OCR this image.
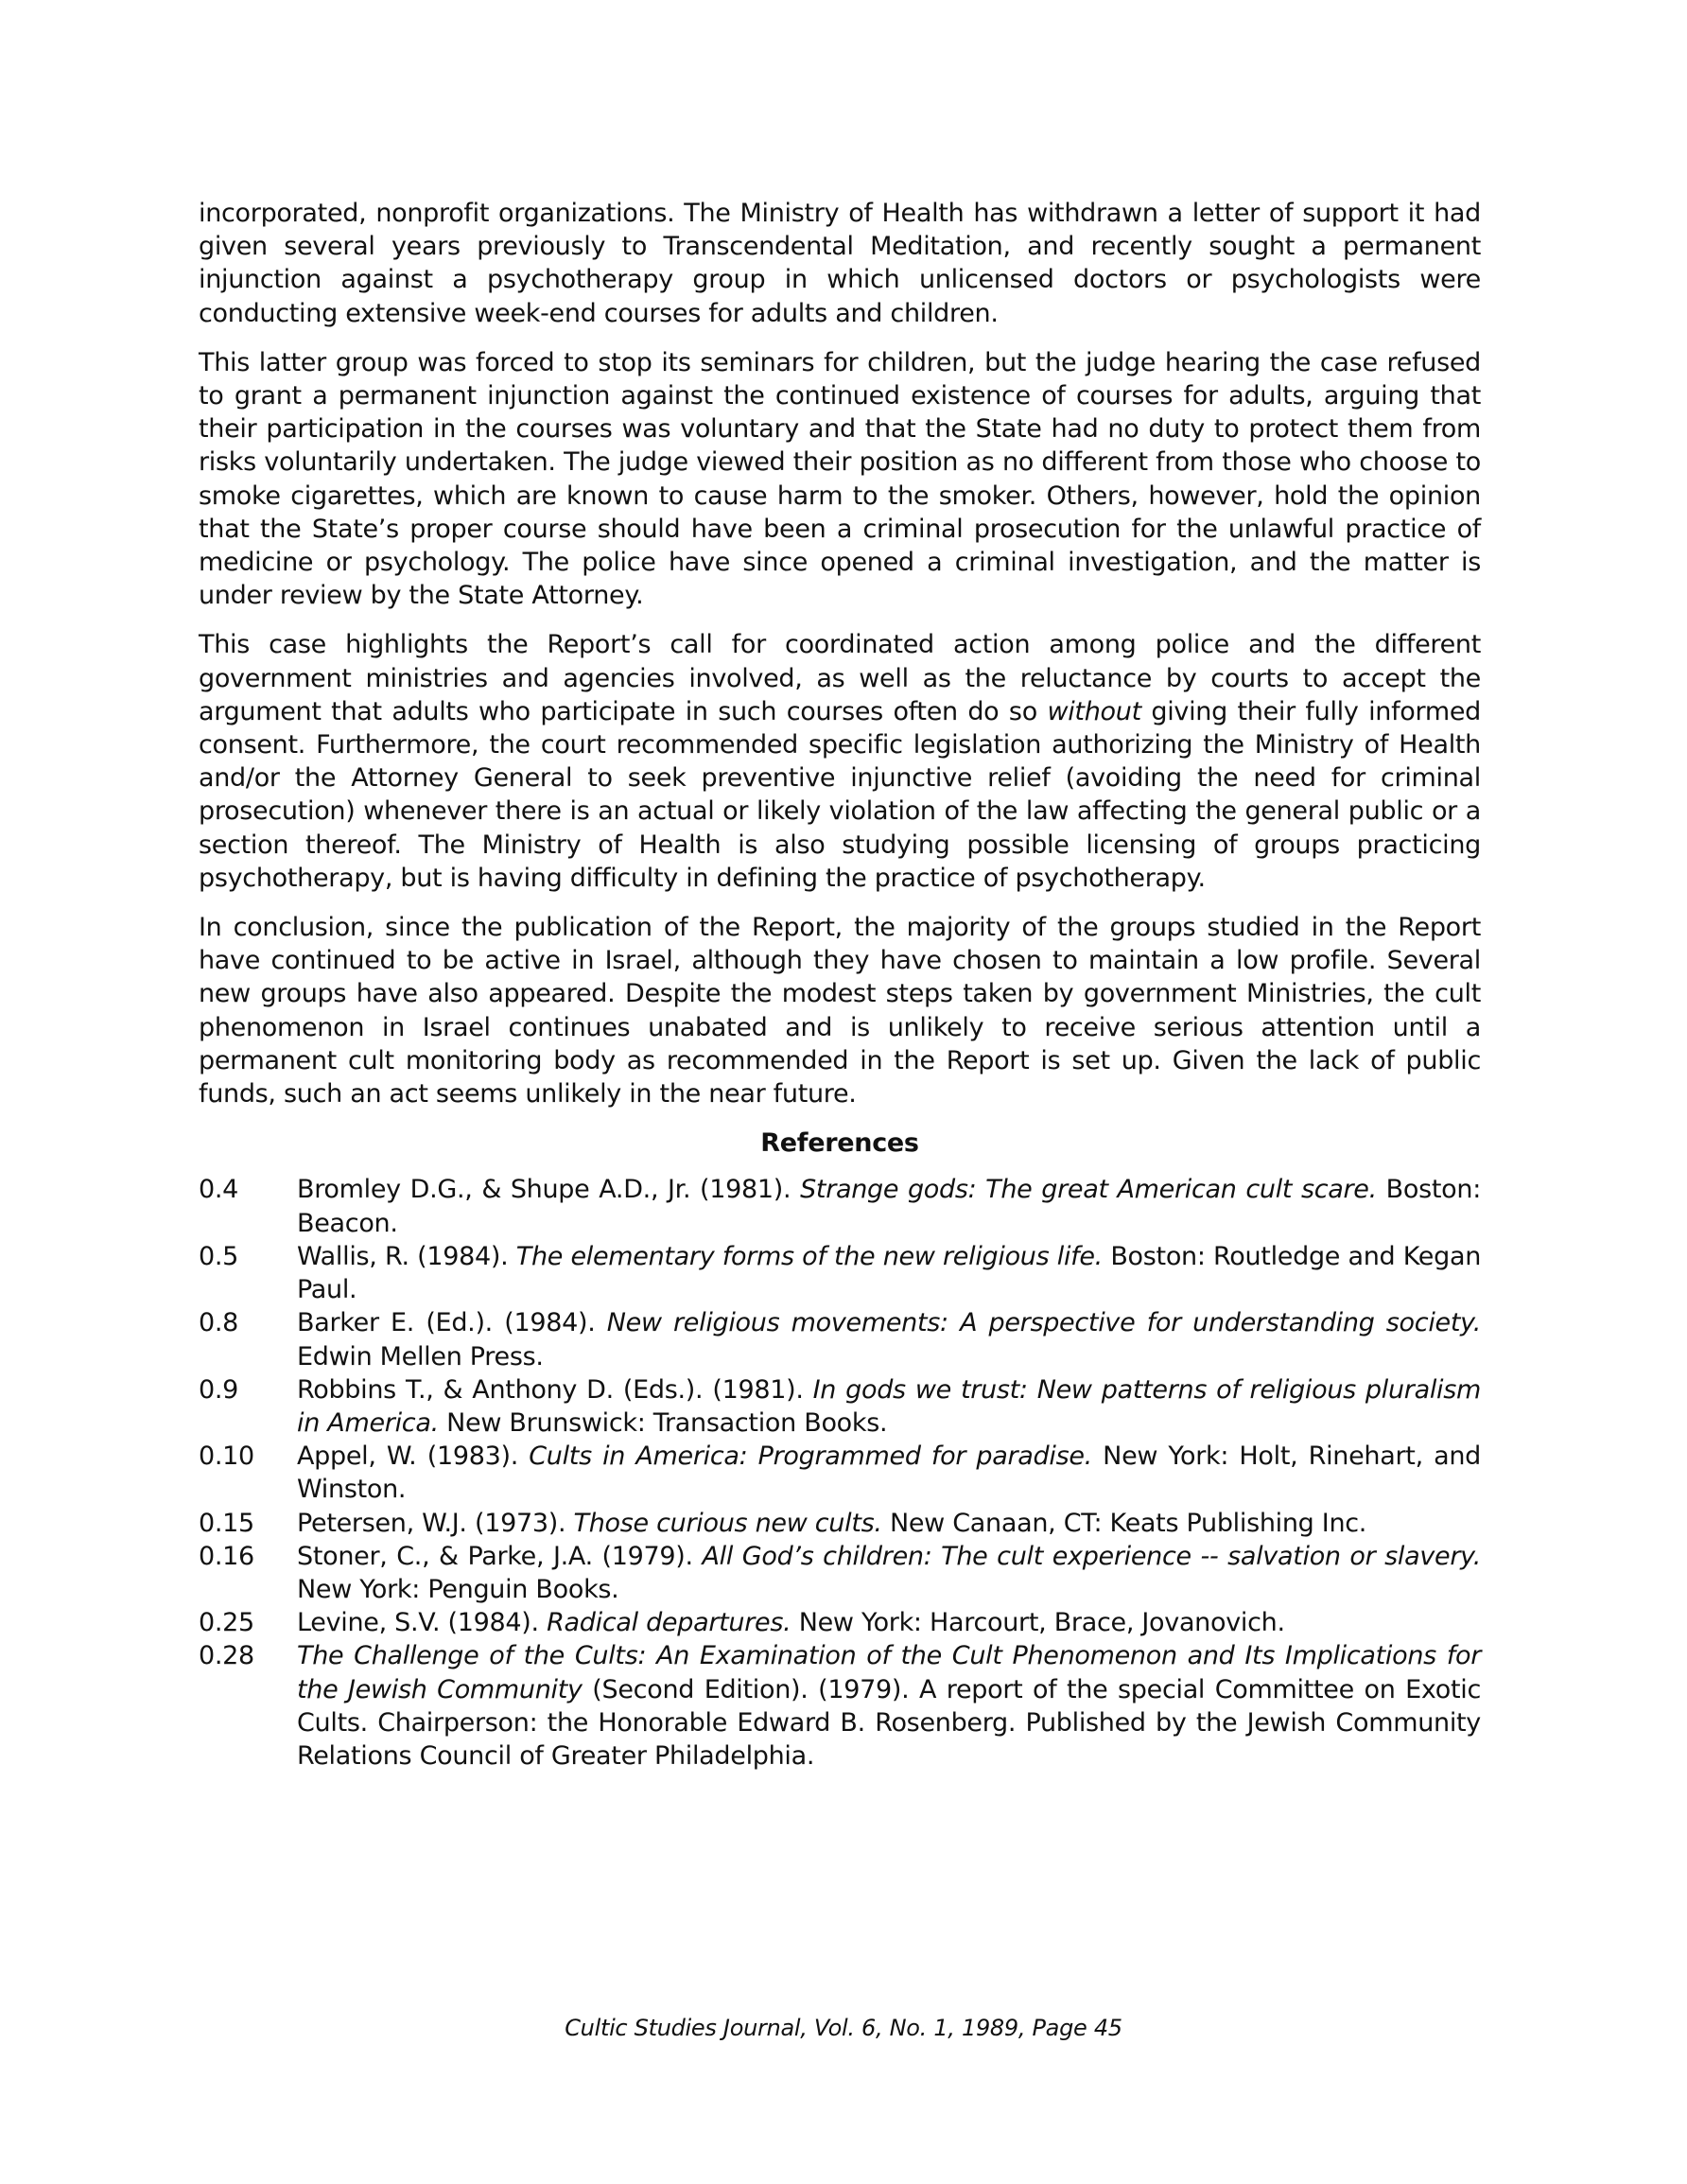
incorporated, nonprofit organizations. The Ministry of Health has withdrawn a letter of support it had given several years previously to Transcendental Meditation, and recently sought a permanent injunction against a psychotherapy group in which unlicensed doctors or psychologists were conducting extensive week-end courses for adults and children.

This latter group was forced to stop its seminars for children, but the judge hearing the case refused to grant a permanent injunction against the continued existence of courses for adults, arguing that their participation in the courses was voluntary and that the State had no duty to protect them from risks voluntarily undertaken. The judge viewed their position as no different from those who choose to smoke cigarettes, which are known to cause harm to the smoker. Others, however, hold the opinion that the State’s proper course should have been a criminal prosecution for the unlawful practice of medicine or psychology. The police have since opened a criminal investigation, and the matter is under review by the State Attorney.

This case highlights the Report’s call for coordinated action among police and the different government ministries and agencies involved, as well as the reluctance by courts to accept the argument that adults who participate in such courses often do so without giving their fully informed consent. Furthermore, the court recommended specific legislation authorizing the Ministry of Health and/or the Attorney General to seek preventive injunctive relief (avoiding the need for criminal prosecution) whenever there is an actual or likely violation of the law affecting the general public or a section thereof. The Ministry of Health is also studying possible licensing of groups practicing psychotherapy, but is having difficulty in defining the practice of psychotherapy.

In conclusion, since the publication of the Report, the majority of the groups studied in the Report have continued to be active in Israel, although they have chosen to maintain a low profile. Several new groups have also appeared. Despite the modest steps taken by government Ministries, the cult phenomenon in Israel continues unabated and is unlikely to receive serious attention until a permanent cult monitoring body as recommended in the Report is set up. Given the lack of public funds, such an act seems unlikely in the near future.

References
0.4	Bromley D.G., & Shupe A.D., Jr. (1981). Strange gods: The great American cult scare. Boston: Beacon.
0.5	Wallis, R. (1984). The elementary forms of the new religious life. Boston: Routledge and Kegan Paul.
0.8	Barker E. (Ed.). (1984). New religious movements: A perspective for understanding society. Edwin Mellen Press.
0.9	Robbins T., & Anthony D. (Eds.). (1981). In gods we trust: New patterns of religious pluralism in America. New Brunswick: Transaction Books.
0.10	Appel, W. (1983). Cults in America: Programmed for paradise. New York: Holt, Rinehart, and Winston.
0.15	Petersen, W.J. (1973). Those curious new cults. New Canaan, CT: Keats Publishing Inc.
0.16	Stoner, C., & Parke, J.A. (1979). All God’s children: The cult experience -- salvation or slavery. New York: Penguin Books.
0.25	Levine, S.V. (1984). Radical departures. New York: Harcourt, Brace, Jovanovich.
0.28	The Challenge of the Cults: An Examination of the Cult Phenomenon and Its Implications for the Jewish Community (Second Edition). (1979). A report of the special Committee on Exotic Cults. Chairperson: the Honorable Edward B. Rosenberg. Published by the Jewish Community Relations Council of Greater Philadelphia.
Cultic Studies Journal, Vol. 6, No. 1, 1989, Page 45
